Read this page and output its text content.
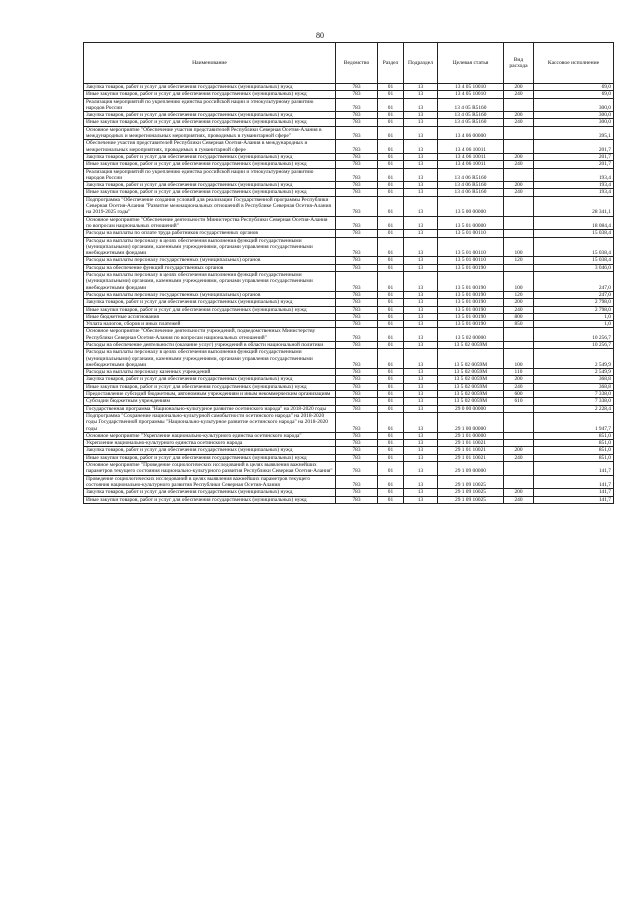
80
Наименование	Ведомство	Раздел	Подраздел	Целевая статья	Вид расхода	Кассовое исполнение
Закупка товаров, работ и услуг для обеспечения государственных (муниципальных) нужд	783	01	13	13 4 05 10010	200	69,0
Иные закупки товаров, работ и услуг для обеспечения государственных (муниципальных) нужд	783	01	13	13 4 05 10010	240	69,0
Реализация мероприятий по укреплению единства российской нации и этнокультурному развитию народов России	783	01	13	13 4 05 R5160		300,0
Закупка товаров, работ и услуг для обеспечения государственных (муниципальных) нужд	783	01	13	13 4 05 R5160	200	300,0
Иные закупки товаров, работ и услуг для обеспечения государственных (муниципальных) нужд	783	01	13	13 4 05 R5160	240	300,0
Основное мероприятие "Обеспечение участия представителей Республики Северная Осетия-Алания в международных и межрегиональных мероприятиях, проводимых в гуманитарной сфере"	783	01	13	13 4 06 00000		395,1
Обеспечение участия представителей Республики Северная Осетия-Алания в международных и межрегиональных мероприятиях, проводимых в гуманитарной сфере	783	01	13	13 4 06 10011		201,7
Закупка товаров, работ и услуг для обеспечения государственных (муниципальных) нужд	783	01	13	13 4 06 10011	200	201,7
Иные закупки товаров, работ и услуг для обеспечения государственных (муниципальных) нужд	783	01	13	13 4 06 10011	240	201,7
Реализация мероприятий по укреплению единства российской нации и этнокультурному развитию народов России	783	01	13	13 4 06 R5160		193,4
Закупка товаров, работ и услуг для обеспечения государственных (муниципальных) нужд	783	01	13	13 4 06 R5160	200	193,4
Иные закупки товаров, работ и услуг для обеспечения государственных (муниципальных) нужд	783	01	13	13 4 06 R5160	240	193,4
Подпрограмма "Обеспечение создания условий для реализации Государственной программы Республики Северная Осетия-Алания "Развитие межнациональных отношений в Республике Северная Осетия-Алания на 2019-2025 годы"	783	01	13	13 5 00 00000		28 341,1
Основное мероприятие "Обеспечение деятельности Министерства Республики Северная Осетия-Алания по вопросам национальных отношений"	783	01	13	13 5 01 00000		18 084,4
Расходы на выплаты по оплате труда работников государственных органов	783	01	13	13 5 01 00110		15 038,4
Расходы на выплаты персоналу в целях обеспечения выполнения функций государственными (муниципальными) органами, казенными учреждениями, органами управления государственными внебюджетными фондами	783	01	13	13 5 01 00110	100	15 038,4
Расходы на выплаты персоналу государственных (муниципальных) органов	783	01	13	13 5 01 00110	120	15 038,4
Расходы на обеспечение функций государственных органов	783	01	13	13 5 01 00190		3 046,0
Расходы на выплаты персоналу в целях обеспечения выполнения функций государственными (муниципальными) органами, казенными учреждениями, органами управления государственными внебюджетными фондами	783	01	13	13 5 01 00190	100	247,0
Расходы на выплаты персоналу государственных (муниципальных) органов	783	01	13	13 5 01 00190	120	247,0
Закупка товаров, работ и услуг для обеспечения государственных (муниципальных) нужд	783	01	13	13 5 01 00190	200	2 798,0
Иные закупки товаров, работ и услуг для обеспечения государственных (муниципальных) нужд	783	01	13	13 5 01 00190	240	2 798,0
Иные бюджетные ассигнования	783	01	13	13 5 01 00190	800	1,0
Уплата налогов, сборов и иных платежей	783	01	13	13 5 01 00190	850	1,0
Основное мероприятие "Обеспечение деятельности учреждений, подведомственных Министерству Республики Северная Осетия-Алания по вопросам национальных отношений"	783	01	13	13 5 02 00000		10 256,7
Расходы на обеспечение деятельности (оказание услуг) учреждений в области национальной политики	783	01	13	13 5 02 0059М		10 256,7
Расходы на выплаты персоналу в целях обеспечения выполнения функций государственными (муниципальными) органами, казенными учреждениями, органами управления государственными внебюджетными фондами	783	01	13	13 5 02 0059М	100	2 549,9
Расходы на выплаты персоналу казенных учреждений	783	01	13	13 5 02 0059М	110	2 549,9
Закупка товаров, работ и услуг для обеспечения государственных (муниципальных) нужд	783	01	13	13 5 02 0059М	200	368,8
Иные закупки товаров, работ и услуг для обеспечения государственных (муниципальных) нужд	783	01	13	13 5 02 0059М	240	368,8
Предоставление субсидий бюджетным, автономным учреждениям и иным некоммерческим организациям	783	01	13	13 5 02 0059М	600	7 338,0
Субсидии бюджетным учреждениям	783	01	13	13 5 02 0059М	610	7 338,0
Государственная программа "Национально-культурное развитие осетинского народа" на 2018-2020 годы	783	01	13	29 0 00 00000		2 228,4
Подпрограмма "Сохранение национально-культурной самобытности осетинского народа" на 2018-2020 годы Государственной программы "Национально-культурное развитие осетинского народа" на 2018-2020 годы	783	01	13	29 1 00 00000		1 947,7
Основное мероприятие "Укрепление национально-культурного единства осетинского народа"	783	01	13	29 1 01 00000		851,0
Укрепление национально-культурного единства осетинского народа	783	01	13	29 1 01 10021		851,0
Закупка товаров, работ и услуг для обеспечения государственных (муниципальных) нужд	783	01	13	29 1 01 10021	200	851,0
Иные закупки товаров, работ и услуг для обеспечения государственных (муниципальных) нужд	783	01	13	29 1 01 10021	240	851,0
Основное мероприятие "Проведение социологических исследований в целях выявления важнейших параметров текущего состояния национально-культурного развития Республики Северная Осетия-Алания"	783	01	13	29 1 09 00000		141,7
Проведение социологических исследований в целях выявления важнейших параметров текущего состояния национально-культурного развития Республики Северная Осетия-Алания	783	01	13	29 1 09 10025		141,7
Закупка товаров, работ и услуг для обеспечения государственных (муниципальных) нужд	783	01	13	29 1 09 10025	200	141,7
Иные закупки товаров, работ и услуг для обеспечения государственных (муниципальных) нужд	783	01	13	29 1 09 10025	240	141,7
